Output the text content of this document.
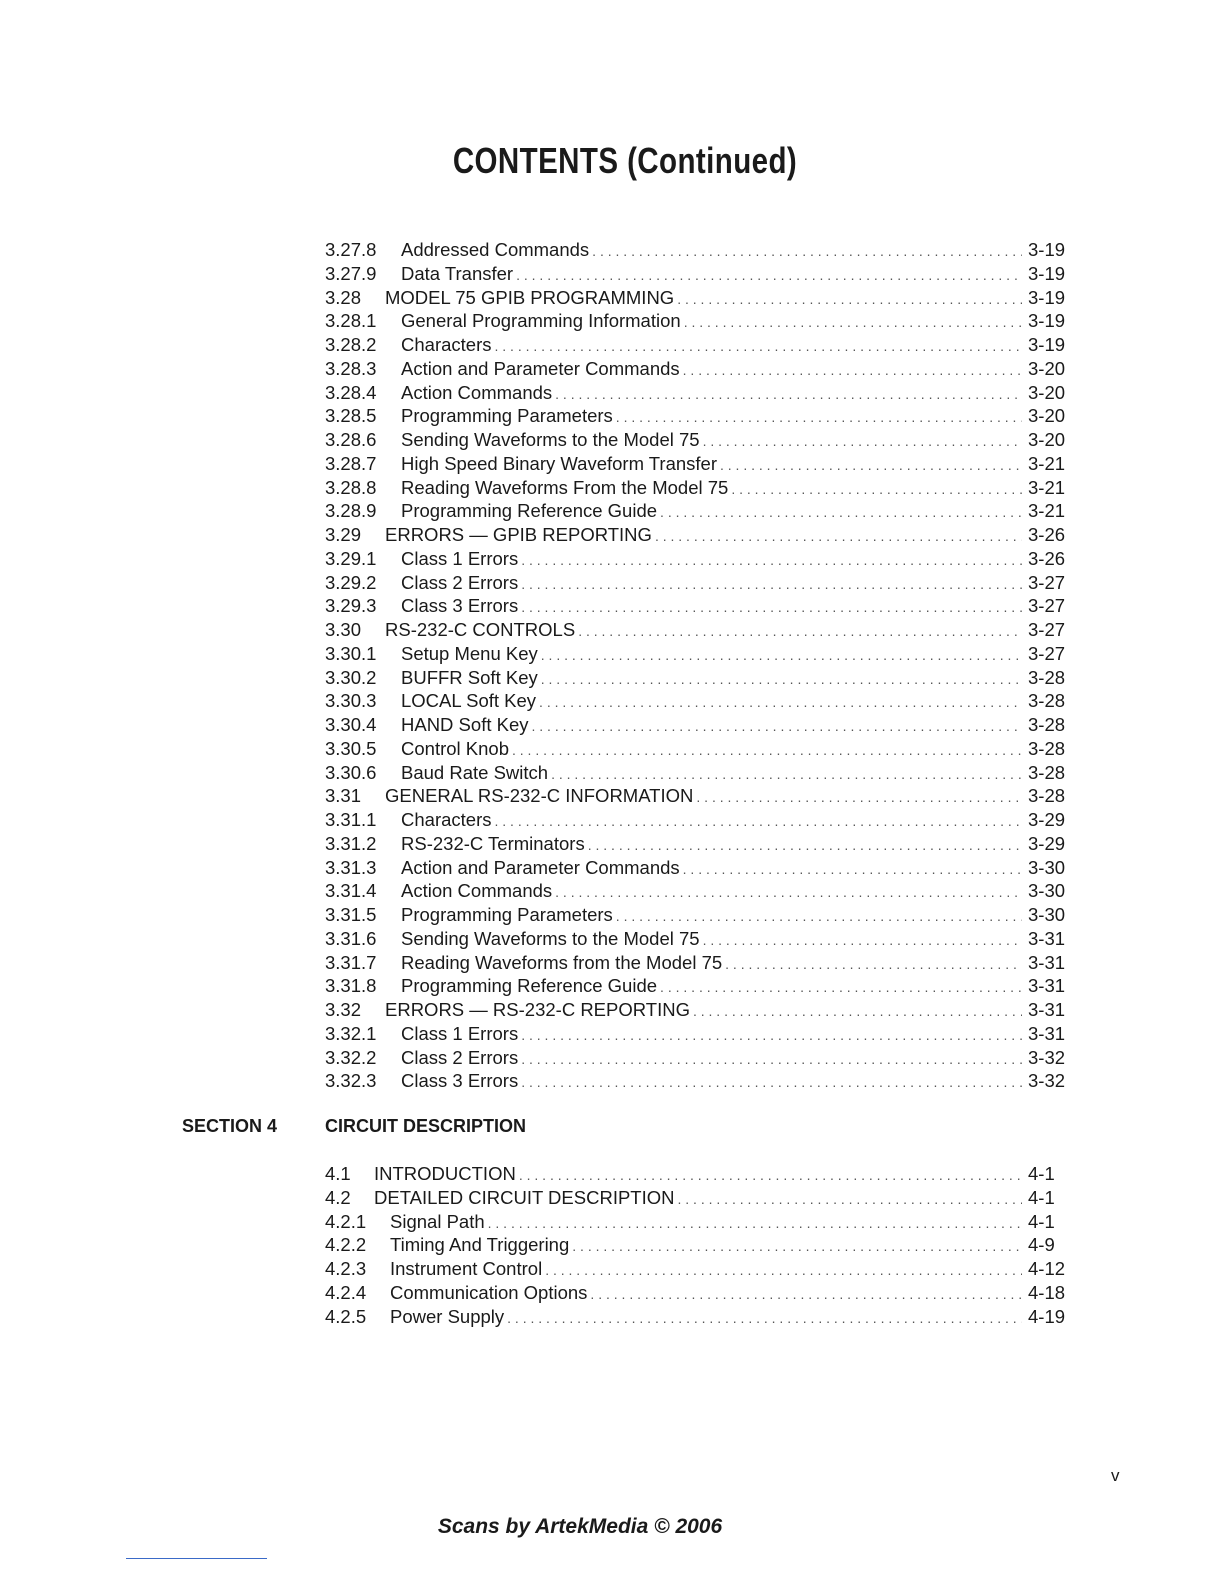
CONTENTS (Continued)
3.27.8	Addressed Commands . . .	3-19
3.27.9	Data Transfer . . .	3-19
3.28	MODEL 75 GPIB PROGRAMMING . . .	3-19
3.28.1	General Programming Information . . .	3-19
3.28.2	Characters . . .	3-19
3.28.3	Action and Parameter Commands . . .	3-20
3.28.4	Action Commands . . .	3-20
3.28.5	Programming Parameters . . .	3-20
3.28.6	Sending Waveforms to the Model 75 . . .	3-20
3.28.7	High Speed Binary Waveform Transfer . . .	3-21
3.28.8	Reading Waveforms From the Model 75 . . .	3-21
3.28.9	Programming Reference Guide . . .	3-21
3.29	ERRORS — GPIB REPORTING . . .	3-26
3.29.1	Class 1 Errors . . .	3-26
3.29.2	Class 2 Errors . . .	3-27
3.29.3	Class 3 Errors . . .	3-27
3.30	RS-232-C CONTROLS . . .	3-27
3.30.1	Setup Menu Key . . .	3-27
3.30.2	BUFFR Soft Key . . .	3-28
3.30.3	LOCAL Soft Key . . .	3-28
3.30.4	HAND Soft Key . . .	3-28
3.30.5	Control Knob . . .	3-28
3.30.6	Baud Rate Switch . . .	3-28
3.31	GENERAL RS-232-C INFORMATION . . .	3-28
3.31.1	Characters . . .	3-29
3.31.2	RS-232-C Terminators . . .	3-29
3.31.3	Action and Parameter Commands . . .	3-30
3.31.4	Action Commands . . .	3-30
3.31.5	Programming Parameters . . .	3-30
3.31.6	Sending Waveforms to the Model 75 . . .	3-31
3.31.7	Reading Waveforms from the Model 75 . . .	3-31
3.31.8	Programming Reference Guide . . .	3-31
3.32	ERRORS — RS-232-C REPORTING . . .	3-31
3.32.1	Class 1 Errors . . .	3-31
3.32.2	Class 2 Errors . . .	3-32
3.32.3	Class 3 Errors . . .	3-32
SECTION 4	CIRCUIT DESCRIPTION
4.1	INTRODUCTION . . .	4-1
4.2	DETAILED CIRCUIT DESCRIPTION . . .	4-1
4.2.1	Signal Path . . .	4-1
4.2.2	Timing And Triggering . . .	4-9
4.2.3	Instrument Control . . .	4-12
4.2.4	Communication Options . . .	4-18
4.2.5	Power Supply . . .	4-19
v
Scans by ArtekMedia © 2006
